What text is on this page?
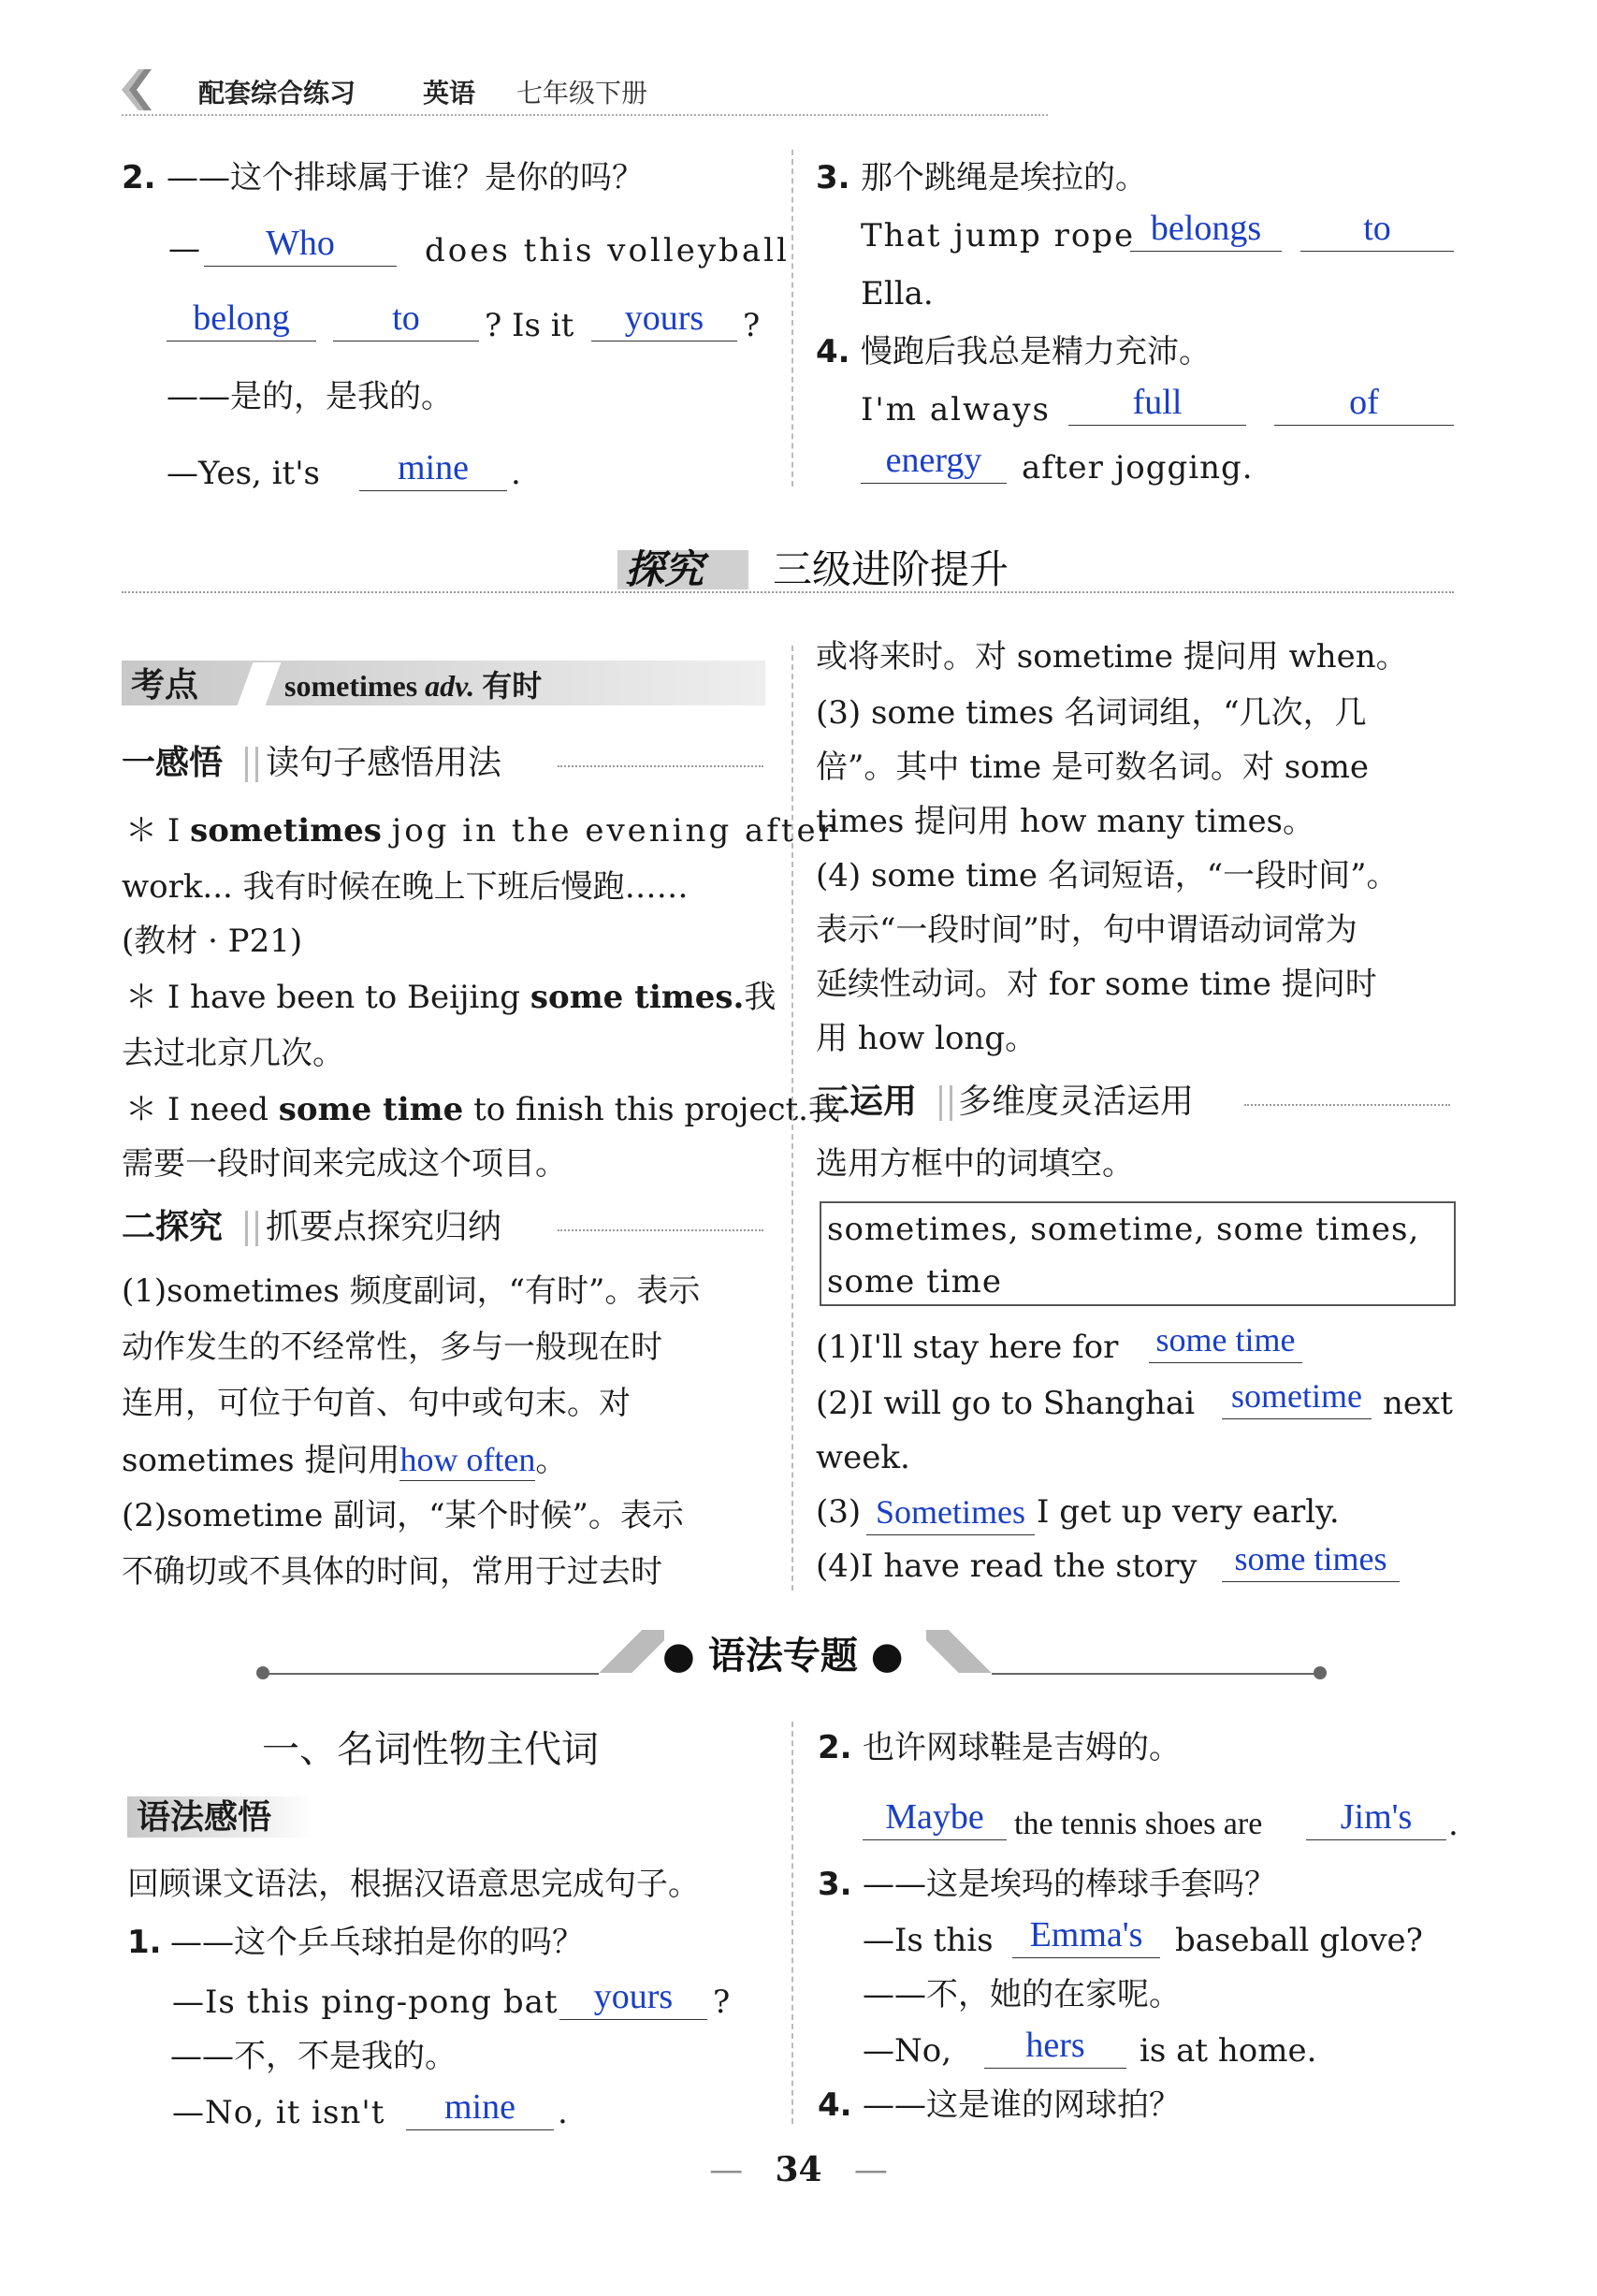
配套综合练习	英语 七年级下册
2. ——这个排球属于谁？是你的吗？
—	Who	does this volleyball
belong	to	? Is it	yours	?
——是的，是我的。
—Yes, it's	mine	.
3. 那个跳绳是埃拉的。
That jump rope belongs	to
Ella.
4. 慢跑后我总是精力充沛。
I'm always	full	of
energy	after jogging.
探究 三级进阶提升
考点	sometimes adv. 有时
一感悟 读句子感悟用法
＊ I sometimes jog in the evening after
work... 我有时候在晚上下班后慢跑……
(教材 · P21)
＊ I have been to Beijing some times.我
去过北京几次。
＊ I need some time to finish this project.我
需要一段时间来完成这个项目。
二探究 抓要点探究归纳
(1)sometimes 频度副词，“有时”。表示
动作发生的不经常性，多与一般现在时
连用，可位于句首、句中或句末。对
sometimes 提问用how often。
(2)sometime 副词，“某个时候”。表示
不确切或不具体的时间，常用于过去时
或将来时。对 sometime 提问用 when。
(3) some times 名词词组，“几次，几
倍”。其中 time 是可数名词。对 some
times 提问用 how many times。
(4) some time 名词短语，“一段时间”。
表示“一段时间”时，句中谓语动词常为
延续性动词。对 for some time 提问时
用 how long。
三运用 多维度灵活运用
选用方框中的词填空。
sometimes, sometime, some times,
some time
(1)I'll stay here for some time
(2)I will go to Shanghai sometime next
week.
(3) Sometimes I get up very early.
(4)I have read the story	some times
● 语法专题 ●
一、名词性物主代词
语法感悟
回顾课文语法，根据汉语意思完成句子。
1. ——这个乒乓球拍是你的吗？
—Is this ping-pong bat	yours	?
——不，不是我的。
—No, it isn't	mine	.
2. 也许网球鞋是吉姆的。
Maybe the tennis shoes are	Jim's	.
3. ——这是埃玛的棒球手套吗？
—Is this	Emma's	baseball glove?
——不，她的在家呢。
—No,	hers	is at home.
4. ——这是谁的网球拍？
—   34   —
